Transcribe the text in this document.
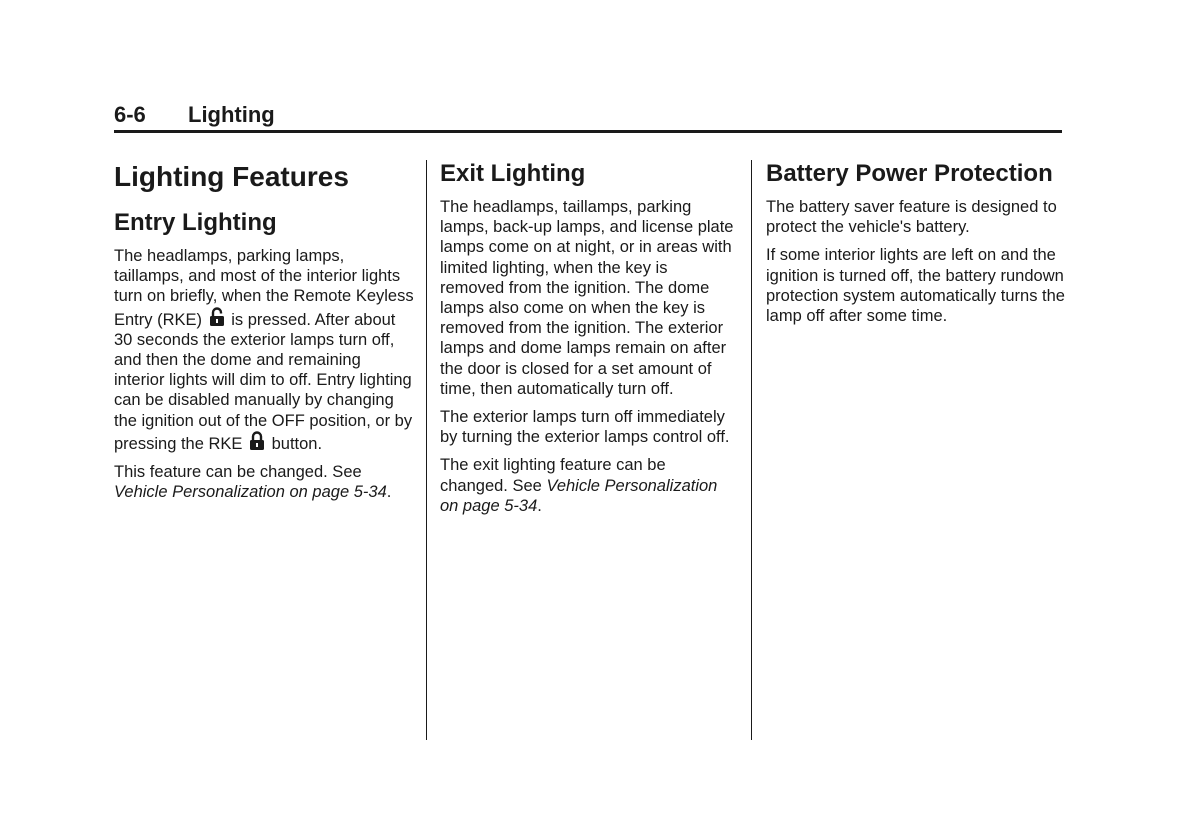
6-6 Lighting
Lighting Features
Entry Lighting

The headlamps, parking lamps, taillamps, and most of the interior lights turn on briefly, when the Remote Keyless Entry (RKE) is pressed. After about 30 seconds the exterior lamps turn off, and then the dome and remaining interior lights will dim to off. Entry lighting can be disabled manually by changing the ignition out of the OFF position, or by pressing the RKE button.

This feature can be changed. See Vehicle Personalization on page 5-34.

Exit Lighting

The headlamps, taillamps, parking lamps, back-up lamps, and license plate lamps come on at night, or in areas with limited lighting, when the key is removed from the ignition. The dome lamps also come on when the key is removed from the ignition. The exterior lamps and dome lamps remain on after the door is closed for a set amount of time, then automatically turn off.

The exterior lamps turn off immediately by turning the exterior lamps control off.

The exit lighting feature can be changed. See Vehicle Personalization on page 5-34.

Battery Power Protection

The battery saver feature is designed to protect the vehicle's battery.

If some interior lights are left on and the ignition is turned off, the battery rundown protection system automatically turns the lamp off after some time.
